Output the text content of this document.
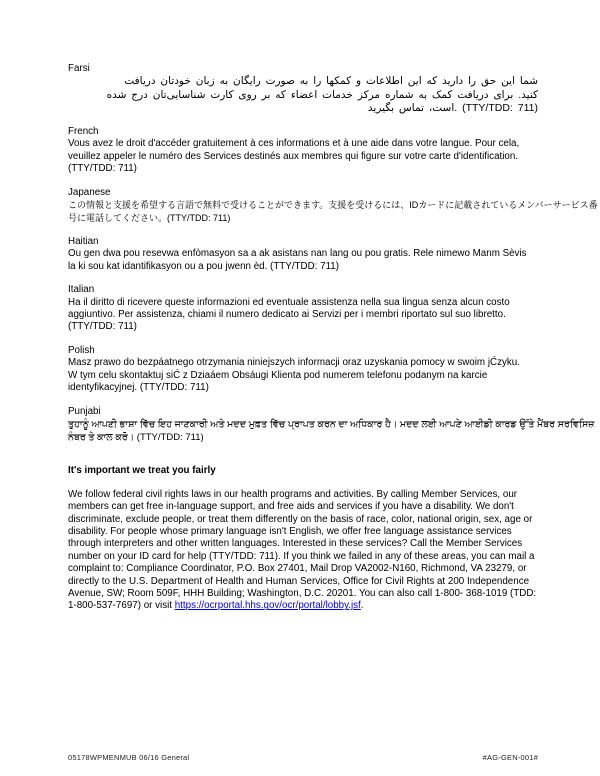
Farsi
شما این حق را دارید که این اطلاعات و کمکها را به صورت رایگان به زبان خودتان دریافت
کنید. برای دریافت کمک به شماره مرکز خدمات اعضاء که بر روی کارت شناسایی‌تان درج شده
است، تماس بگیرید. (TTY/TDD: 711)
French
Vous avez le droit d'accéder gratuitement à ces informations et à une aide dans votre langue. Pour cela,
veuillez appeler le numéro des Services destinés aux membres qui figure sur votre carte d'identification.
(TTY/TDD: 711)
Japanese
この情報と支援を希望する言語で無料で受けることができます。支援を受けるには、IDカードに記載されているメンバーサービス番
号に電話してください。(TTY/TDD: 711)
Haitian
Ou gen dwa pou resevwa enfòmasyon sa a ak asistans nan lang ou pou gratis. Rele nimewo Manm Sèvis
la ki sou kat idantifikasyon ou a pou jwenn èd. (TTY/TDD: 711)
Italian
Ha il diritto di ricevere queste informazioni ed eventuale assistenza nella sua lingua senza alcun costo
aggiuntivo. Per assistenza, chiami il numero dedicato ai Servizi per i membri riportato sul suo libretto.
(TTY/TDD: 711)
Polish
Masz prawo do bezpáatnego otrzymania niniejszych informacji oraz uzyskania pomocy w swoim jĆzyku.
W tym celu skontaktuj siĆ z Dziaáem Obsáugi Klienta pod numerem telefonu podanym na karcie
identyfikacyjnej. (TTY/TDD: 711)
Punjabi
ਤੁਹਾਨੂੰ ਆਪਣੀ ਭਾਸ਼ਾ ਵਿੱਚ ਇਹ ਜਾਣਕਾਰੀ ਅਤੇ ਮਦਦ ਮੁਫ਼ਤ ਵਿੱਚ ਪ੍ਰਾਪਤ ਕਰਨ ਦਾ ਅਧਿਕਾਰ ਹੈ। ਮਦਦ ਲਈ ਆਪਣੇ ਆਈਡੀ ਕਾਰਡ ਉੱਤੇ ਮੈਂਬਰ ਸਰਵਿਸਿਜ਼
ਨੰਬਰ ਤੇ ਕਾਲ ਕਰੋ। (TTY/TDD: 711)
It's important we treat you fairly
We follow federal civil rights laws in our health programs and activities. By calling Member Services, our members can get free in-language support, and free aids and services if you have a disability. We don't discriminate, exclude people, or treat them differently on the basis of race, color, national origin, sex, age or disability. For people whose primary language isn't English, we offer free language assistance services through interpreters and other written languages. Interested in these services? Call the Member Services number on your ID card for help (TTY/TDD: 711). If you think we failed in any of these areas, you can mail a complaint to: Compliance Coordinator, P.O. Box 27401, Mail Drop VA2002-N160, Richmond, VA 23279, or directly to the U.S. Department of Health and Human Services, Office for Civil Rights at 200 Independence Avenue, SW; Room 509F, HHH Building; Washington, D.C. 20201. You can also call 1-800- 368-1019 (TDD: 1-800-537-7697) or visit https://ocrportal.hhs.gov/ocr/portal/lobby.jsf.
05178WPMENMUB 06/16 General	#AG-GEN-001#
